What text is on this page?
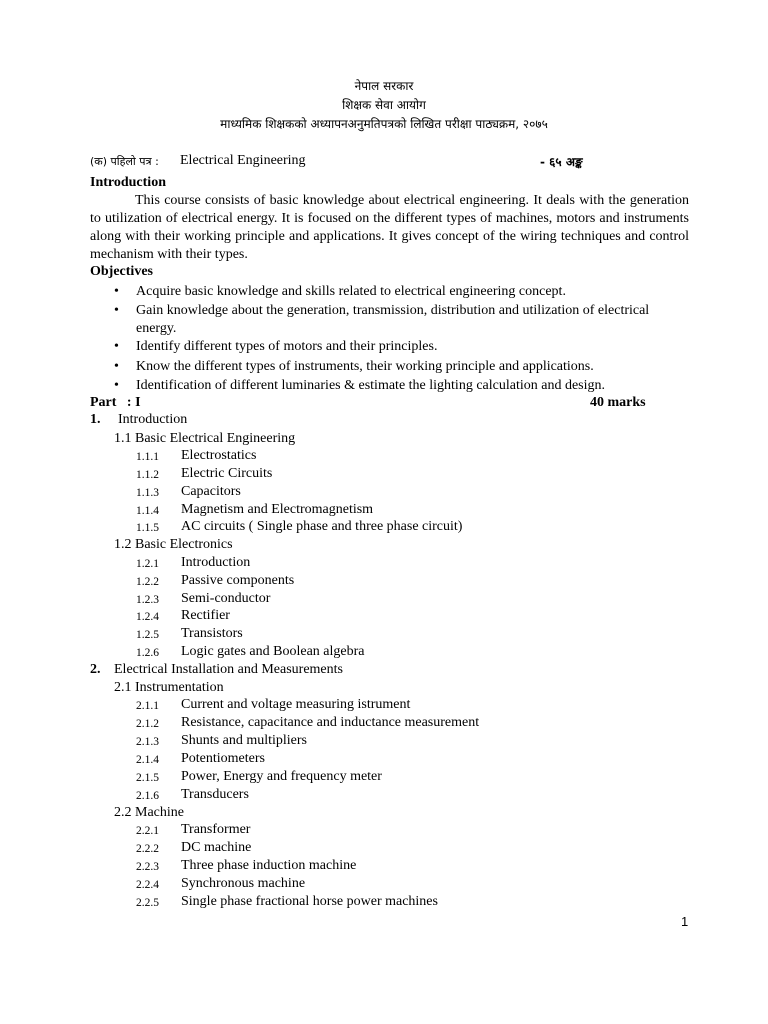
नेपाल सरकार
शिक्षक सेवा आयोग
माध्यमिक शिक्षकको अध्यापनअनुमतिपत्रको लिखित परीक्षा पाठ्यक्रम, २०७५
(क) पहिलो पत्र : Electrical Engineering	- ६५ अङ्क
Introduction
This course consists of basic knowledge about electrical engineering. It deals with the generation to utilization of electrical energy. It is focused on the different types of machines, motors and instruments along with their working principle and applications. It gives concept of the wiring techniques and control mechanism with their types.
Objectives
• Acquire basic knowledge and skills related to electrical engineering concept.
• Gain knowledge about the generation, transmission, distribution and utilization of electrical energy.
• Identify different types of motors and their principles.
• Know the different types of instruments, their working principle and applications.
• Identification of different luminaries & estimate the lighting calculation and design.
Part   : I	40 marks
1. Introduction
1.1 Basic Electrical Engineering
1.1.1 Electrostatics
1.1.2 Electric Circuits
1.1.3 Capacitors
1.1.4 Magnetism and Electromagnetism
1.1.5 AC circuits ( Single phase and three phase circuit)
1.2 Basic Electronics
1.2.1 Introduction
1.2.2 Passive components
1.2.3 Semi-conductor
1.2.4 Rectifier
1.2.5 Transistors
1.2.6 Logic gates and Boolean algebra
2. Electrical Installation and Measurements
2.1 Instrumentation
2.1.1 Current and voltage measuring istrument
2.1.2 Resistance, capacitance and inductance measurement
2.1.3 Shunts and multipliers
2.1.4 Potentiometers
2.1.5 Power, Energy and frequency meter
2.1.6 Transducers
2.2 Machine
2.2.1 Transformer
2.2.2 DC machine
2.2.3 Three phase induction machine
2.2.4 Synchronous machine
2.2.5 Single phase fractional horse power machines
1
